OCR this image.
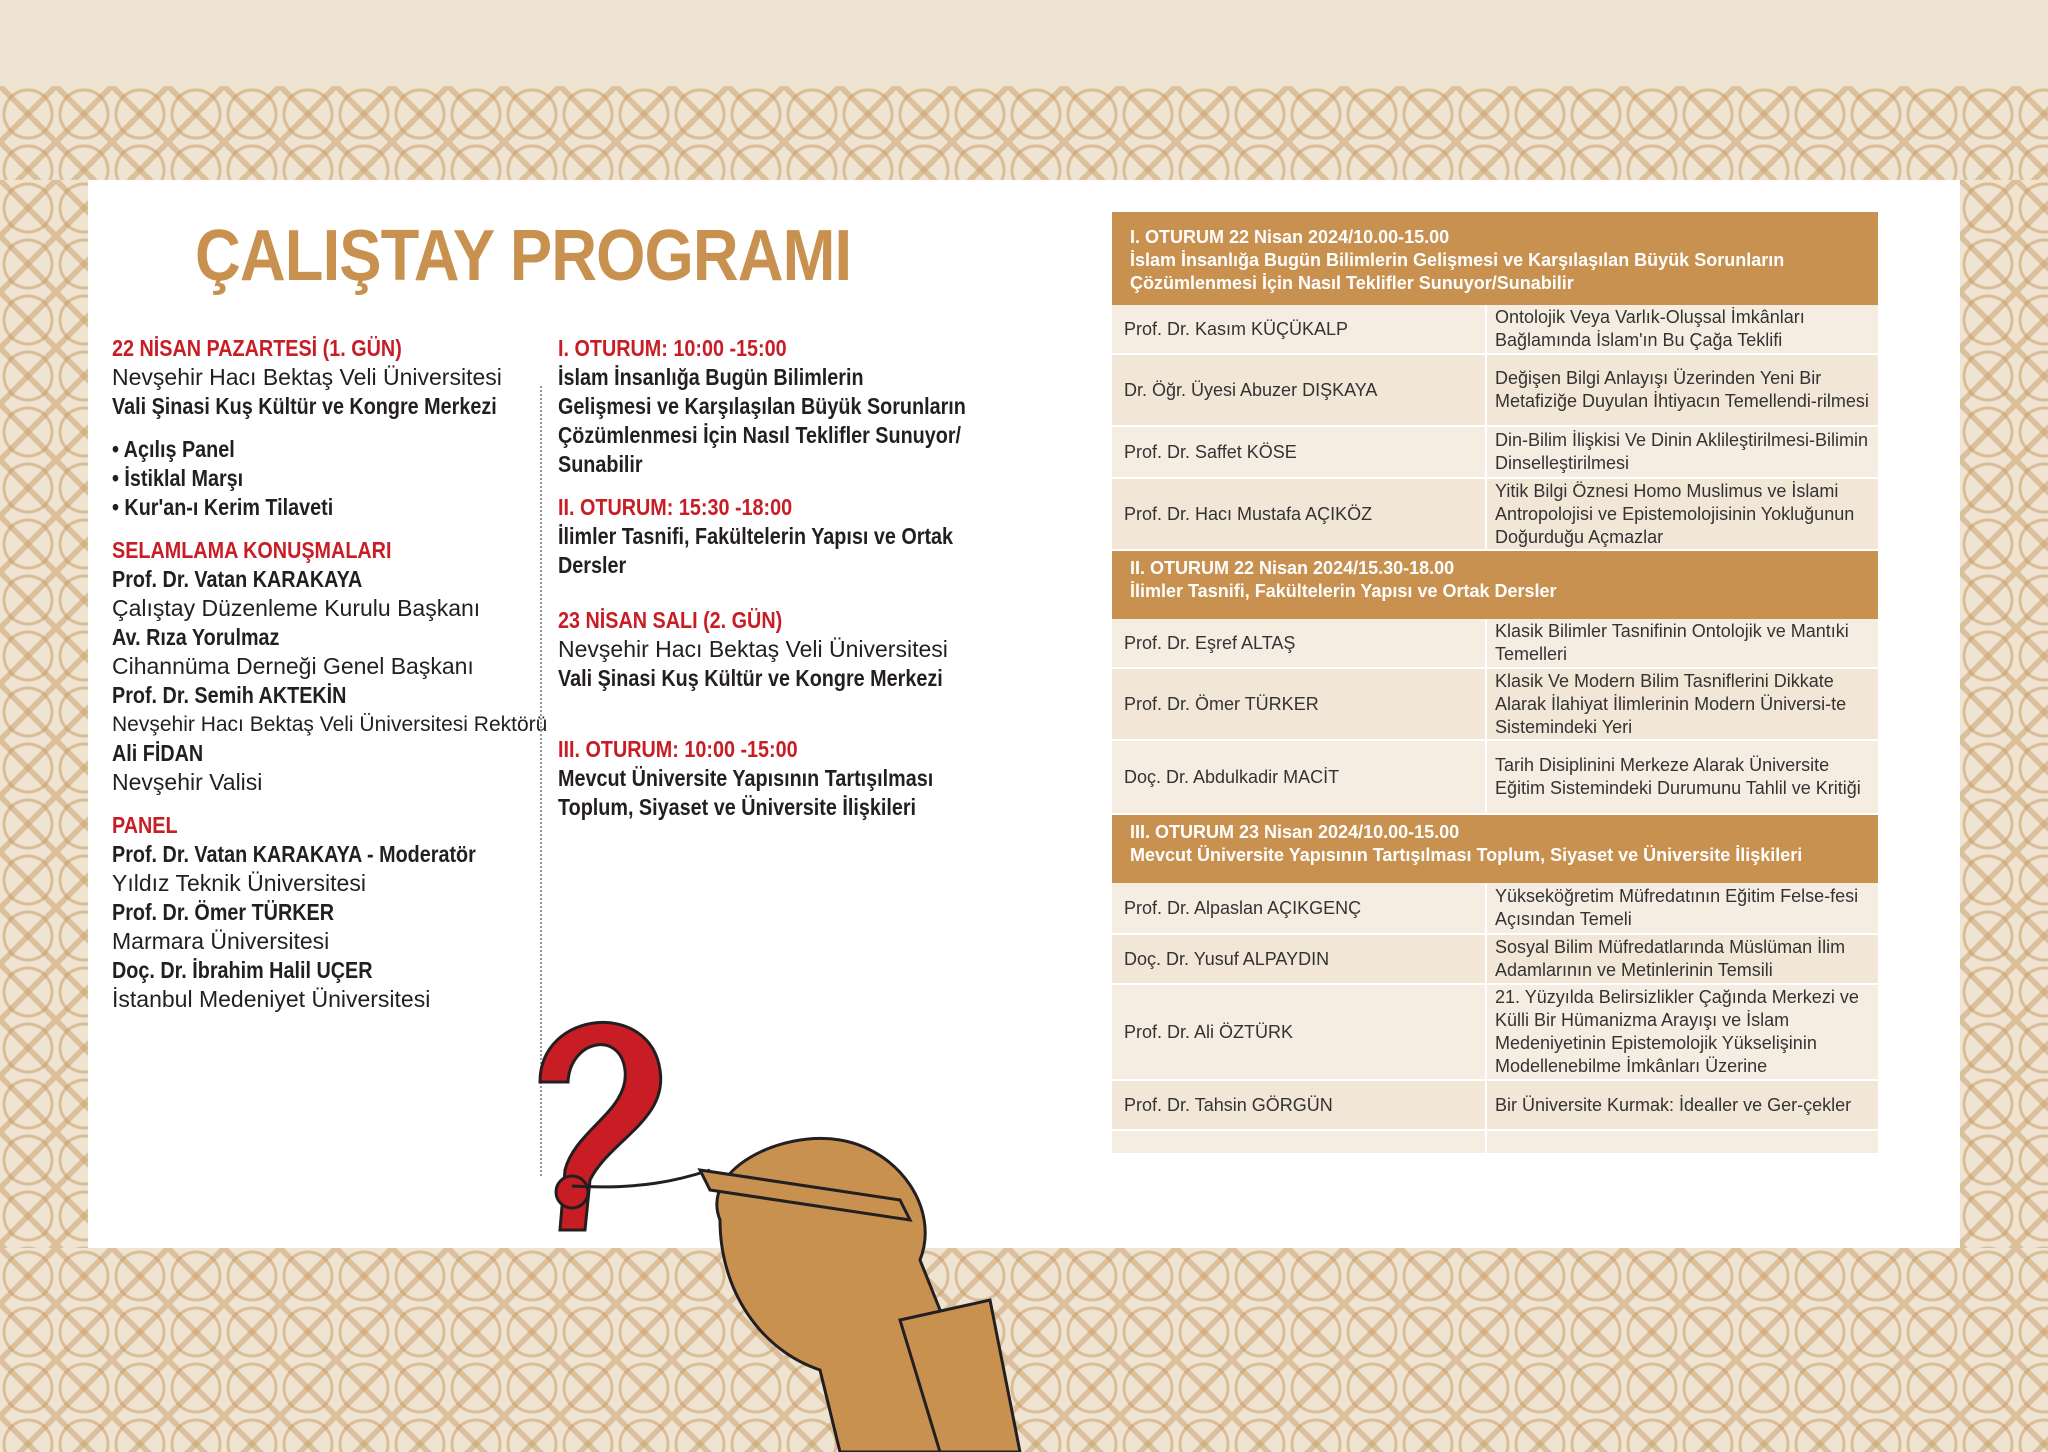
ÇALIŞTAY PROGRAMI
22 NİSAN PAZARTESİ (1. GÜN)
Nevşehir Hacı Bektaş Veli Üniversitesi
Vali Şinasi Kuş Kültür ve Kongre Merkezi
• Açılış Panel
• İstiklal Marşı
• Kur'an-ı Kerim Tilaveti
SELAMLAMA KONUŞMALARI
Prof. Dr. Vatan KARAKAYA
Çalıştay Düzenleme Kurulu Başkanı
Av. Rıza Yorulmaz
Cihannüma Derneği Genel Başkanı
Prof. Dr. Semih AKTEKİN
Nevşehir Hacı Bektaş Veli Üniversitesi Rektörü
Ali FİDAN
Nevşehir Valisi
PANEL
Prof. Dr. Vatan KARAKAYA - Moderatör
Yıldız Teknik Üniversitesi
Prof. Dr. Ömer TÜRKER
Marmara Üniversitesi
Doç. Dr. İbrahim Halil UÇER
İstanbul Medeniyet Üniversitesi
I. OTURUM: 10:00 -15:00
İslam İnsanlığa Bugün Bilimlerin
Gelişmesi ve Karşılaşılan Büyük Sorunların
Çözümlenmesi İçin Nasıl Teklifler Sunuyor/
Sunabilir
II. OTURUM: 15:30 -18:00
İlimler Tasnifi, Fakültelerin Yapısı ve Ortak
Dersler
23 NİSAN SALI (2. GÜN)
Nevşehir Hacı Bektaş Veli Üniversitesi
Vali Şinasi Kuş Kültür ve Kongre Merkezi
III. OTURUM: 10:00 -15:00
Mevcut Üniversite Yapısının Tartışılması
Toplum, Siyaset ve Üniversite İlişkileri
I. OTURUM 22 Nisan 2024/10.00-15.00
İslam İnsanlığa Bugün Bilimlerin Gelişmesi ve Karşılaşılan Büyük Sorunların
Çözümlenmesi İçin Nasıl Teklifler Sunuyor/Sunabilir
Prof. Dr. Kasım KÜÇÜKALP
Ontolojik Veya Varlık-Oluşsal İmkânları Bağlamında İslam'ın Bu Çağa Teklifi
Dr. Öğr. Üyesi Abuzer DIŞKAYA
Değişen Bilgi Anlayışı Üzerinden Yeni Bir Metafiziğe Duyulan İhtiyacın Temellendi-rilmesi
Prof. Dr. Saffet KÖSE
Din-Bilim İlişkisi Ve Dinin Aklileştirilmesi-Bilimin Dinselleştirilmesi
Prof. Dr. Hacı Mustafa AÇIKÖZ
Yitik Bilgi Öznesi Homo Muslimus ve İslami Antropolojisi ve Epistemolojisinin Yokluğunun Doğurduğu Açmazlar
II. OTURUM 22 Nisan 2024/15.30-18.00
İlimler Tasnifi, Fakültelerin Yapısı ve Ortak Dersler
Prof. Dr. Eşref ALTAŞ
Klasik Bilimler Tasnifinin Ontolojik ve Mantıki Temelleri
Prof. Dr. Ömer TÜRKER
Klasik Ve Modern Bilim Tasniflerini Dikkate Alarak İlahiyat İlimlerinin Modern Üniversi-te Sistemindeki Yeri
Doç. Dr. Abdulkadir MACİT
Tarih Disiplinini Merkeze Alarak Üniversite Eğitim Sistemindeki Durumunu Tahlil ve Kritiği
III. OTURUM 23 Nisan 2024/10.00-15.00
Mevcut Üniversite Yapısının Tartışılması Toplum, Siyaset ve Üniversite İlişkileri
Prof. Dr. Alpaslan AÇIKGENÇ
Yükseköğretim Müfredatının Eğitim Felse-fesi Açısından Temeli
Doç. Dr. Yusuf ALPAYDIN
Sosyal Bilim Müfredatlarında Müslüman İlim Adamlarının ve Metinlerinin Temsili
Prof. Dr. Ali ÖZTÜRK
21. Yüzyılda Belirsizlikler Çağında Merkezi ve Külli Bir Hümanizma Arayışı ve İslam Medeniyetinin Epistemolojik Yükselişinin Modellenebilme İmkânları Üzerine
Prof. Dr. Tahsin GÖRGÜN	Bir Üniversite Kurmak: İdealler ve Ger-çekler
